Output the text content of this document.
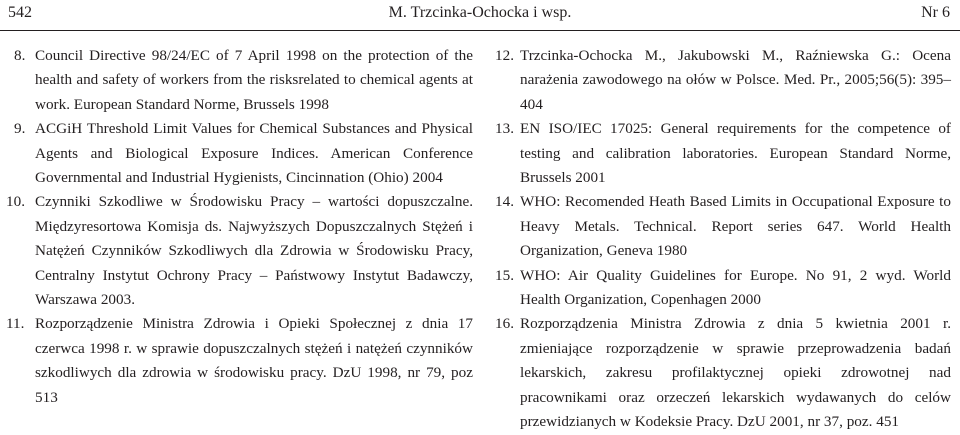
542	M. Trzcinka-Ochocka i wsp.	Nr 6
8. Council Directive 98/24/EC of 7 April 1998 on the protection of the health and safety of workers from the risksrelated to chemical agents at work. European Standard Norme, Brussels 1998
9. ACGiH Threshold Limit Values for Chemical Substances and Physical Agents and Biological Exposure Indices. American Conference Governmental and Industrial Hygienists, Cincinnation (Ohio) 2004
10. Czynniki Szkodliwe w Środowisku Pracy – wartości dopuszczalne. Międzyresortowa Komisja ds. Najwyższych Dopuszczalnych Stężeń i Natężeń Czynników Szkodliwych dla Zdrowia w Środowisku Pracy, Centralny Instytut Ochrony Pracy – Państwowy Instytut Badawczy, Warszawa 2003.
11. Rozporządzenie Ministra Zdrowia i Opieki Społecznej z dnia 17 czerwca 1998 r. w sprawie dopuszczalnych stężeń i natężeń czynników szkodliwych dla zdrowia w środowisku pracy. DzU 1998, nr 79, poz 513
12. Trzcinka-Ochocka M., Jakubowski M., Raźniewska G.: Ocena narażenia zawodowego na ołów w Polsce. Med. Pr., 2005;56(5): 395–404
13. EN ISO/IEC 17025: General requirements for the competence of testing and calibration laboratories. European Standard Norme, Brussels 2001
14. WHO: Recomended Heath Based Limits in Occupational Exposure to Heavy Metals. Technical. Report series 647. World Health Organization, Geneva 1980
15. WHO: Air Quality Guidelines for Europe. No 91, 2 wyd. World Health Organization, Copenhagen 2000
16. Rozporządzenia Ministra Zdrowia z dnia 5 kwietnia 2001 r. zmieniające rozporządzenie w sprawie przeprowadzenia badań lekarskich, zakresu profilaktycznej opieki zdrowotnej nad pracownikami oraz orzeczeń lekarskich wydawanych do celów przewidzianych w Kodeksie Pracy. DzU 2001, nr 37, poz. 451
